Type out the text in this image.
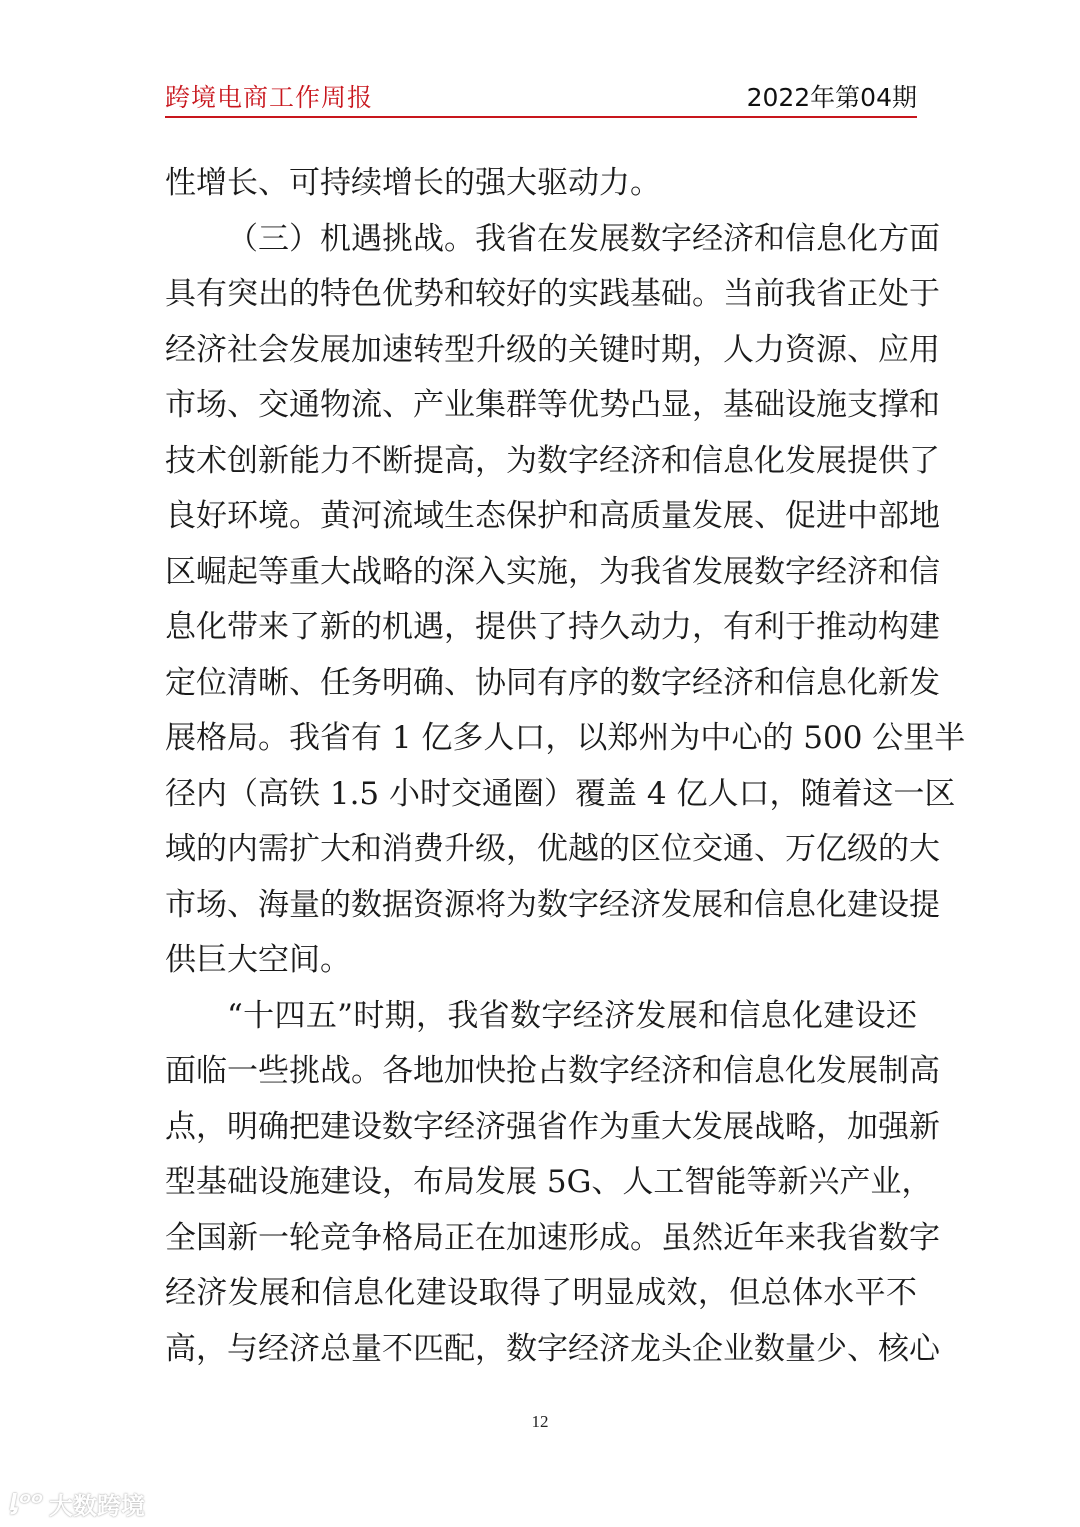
跨境电商工作周报	2022年第04期
性增长、可持续增长的强大驱动力。
（三）机遇挑战。我省在发展数字经济和信息化方面
具有突出的特色优势和较好的实践基础。当前我省正处于
经济社会发展加速转型升级的关键时期，人力资源、应用
市场、交通物流、产业集群等优势凸显，基础设施支撑和
技术创新能力不断提高，为数字经济和信息化发展提供了
良好环境。黄河流域生态保护和高质量发展、促进中部地
区崛起等重大战略的深入实施，为我省发展数字经济和信
息化带来了新的机遇，提供了持久动力，有利于推动构建
定位清晰、任务明确、协同有序的数字经济和信息化新发
展格局。我省有 1 亿多人口，以郑州为中心的 500 公里半
径内（高铁 1.5 小时交通圈）覆盖 4 亿人口，随着这一区
域的内需扩大和消费升级，优越的区位交通、万亿级的大
市场、海量的数据资源将为数字经济发展和信息化建设提
供巨大空间。
“十四五”时期，我省数字经济发展和信息化建设还
面临一些挑战。各地加快抢占数字经济和信息化发展制高
点，明确把建设数字经济强省作为重大发展战略，加强新
型基础设施建设，布局发展 5G、人工智能等新兴产业，
全国新一轮竞争格局正在加速形成。虽然近年来我省数字
经济发展和信息化建设取得了明显成效，但总体水平不
高，与经济总量不匹配，数字经济龙头企业数量少、核心
12
ᶅᴼᴼ 大数跨境
